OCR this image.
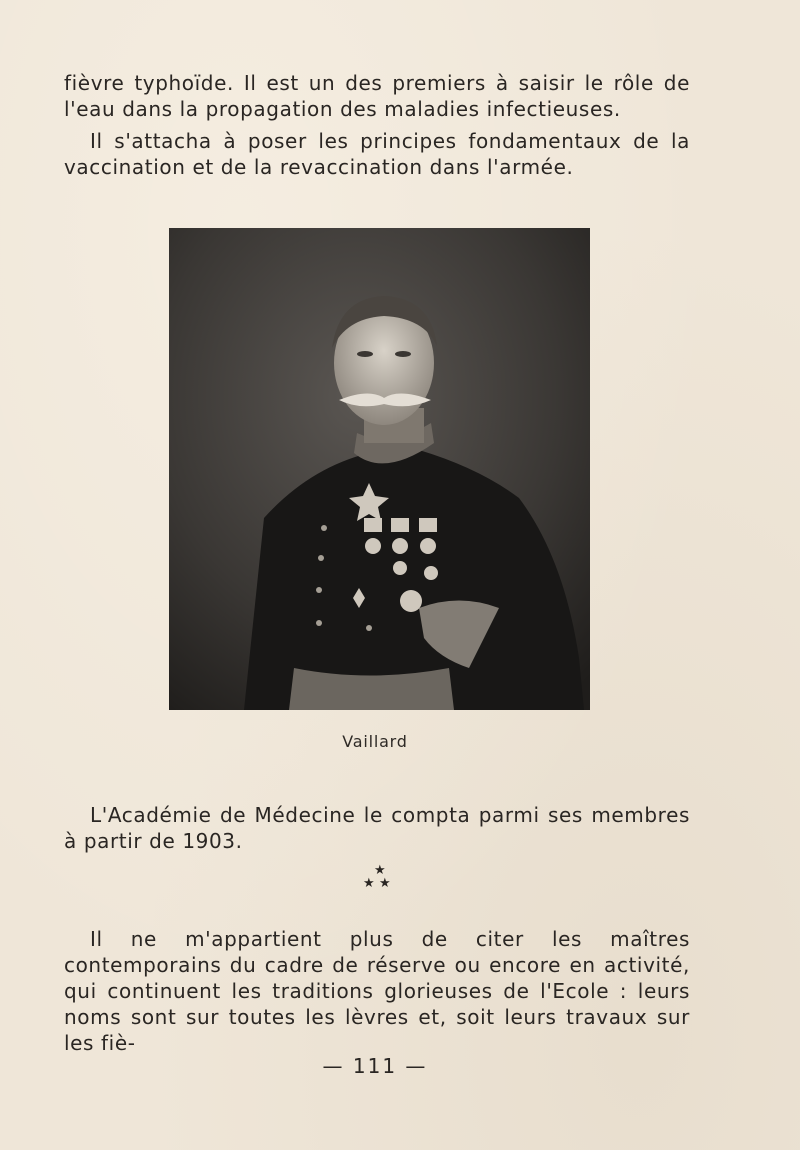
fièvre typhoïde. Il est un des premiers à saisir le rôle de l'eau dans la propagation des maladies infectieuses.

Il s'attacha à poser les principes fondamentaux de la vaccination et de la revaccination dans l'armée.

Vaillard

L'Académie de Médecine le compta parmi ses membres à partir de 1903.

★
★ ★

Il ne m'appartient plus de citer les maîtres contemporains du cadre de réserve ou encore en activité, qui continuent les traditions glorieuses de l'Ecole : leurs noms sont sur toutes les lèvres et, soit leurs travaux sur les fiè-

— 111 —
